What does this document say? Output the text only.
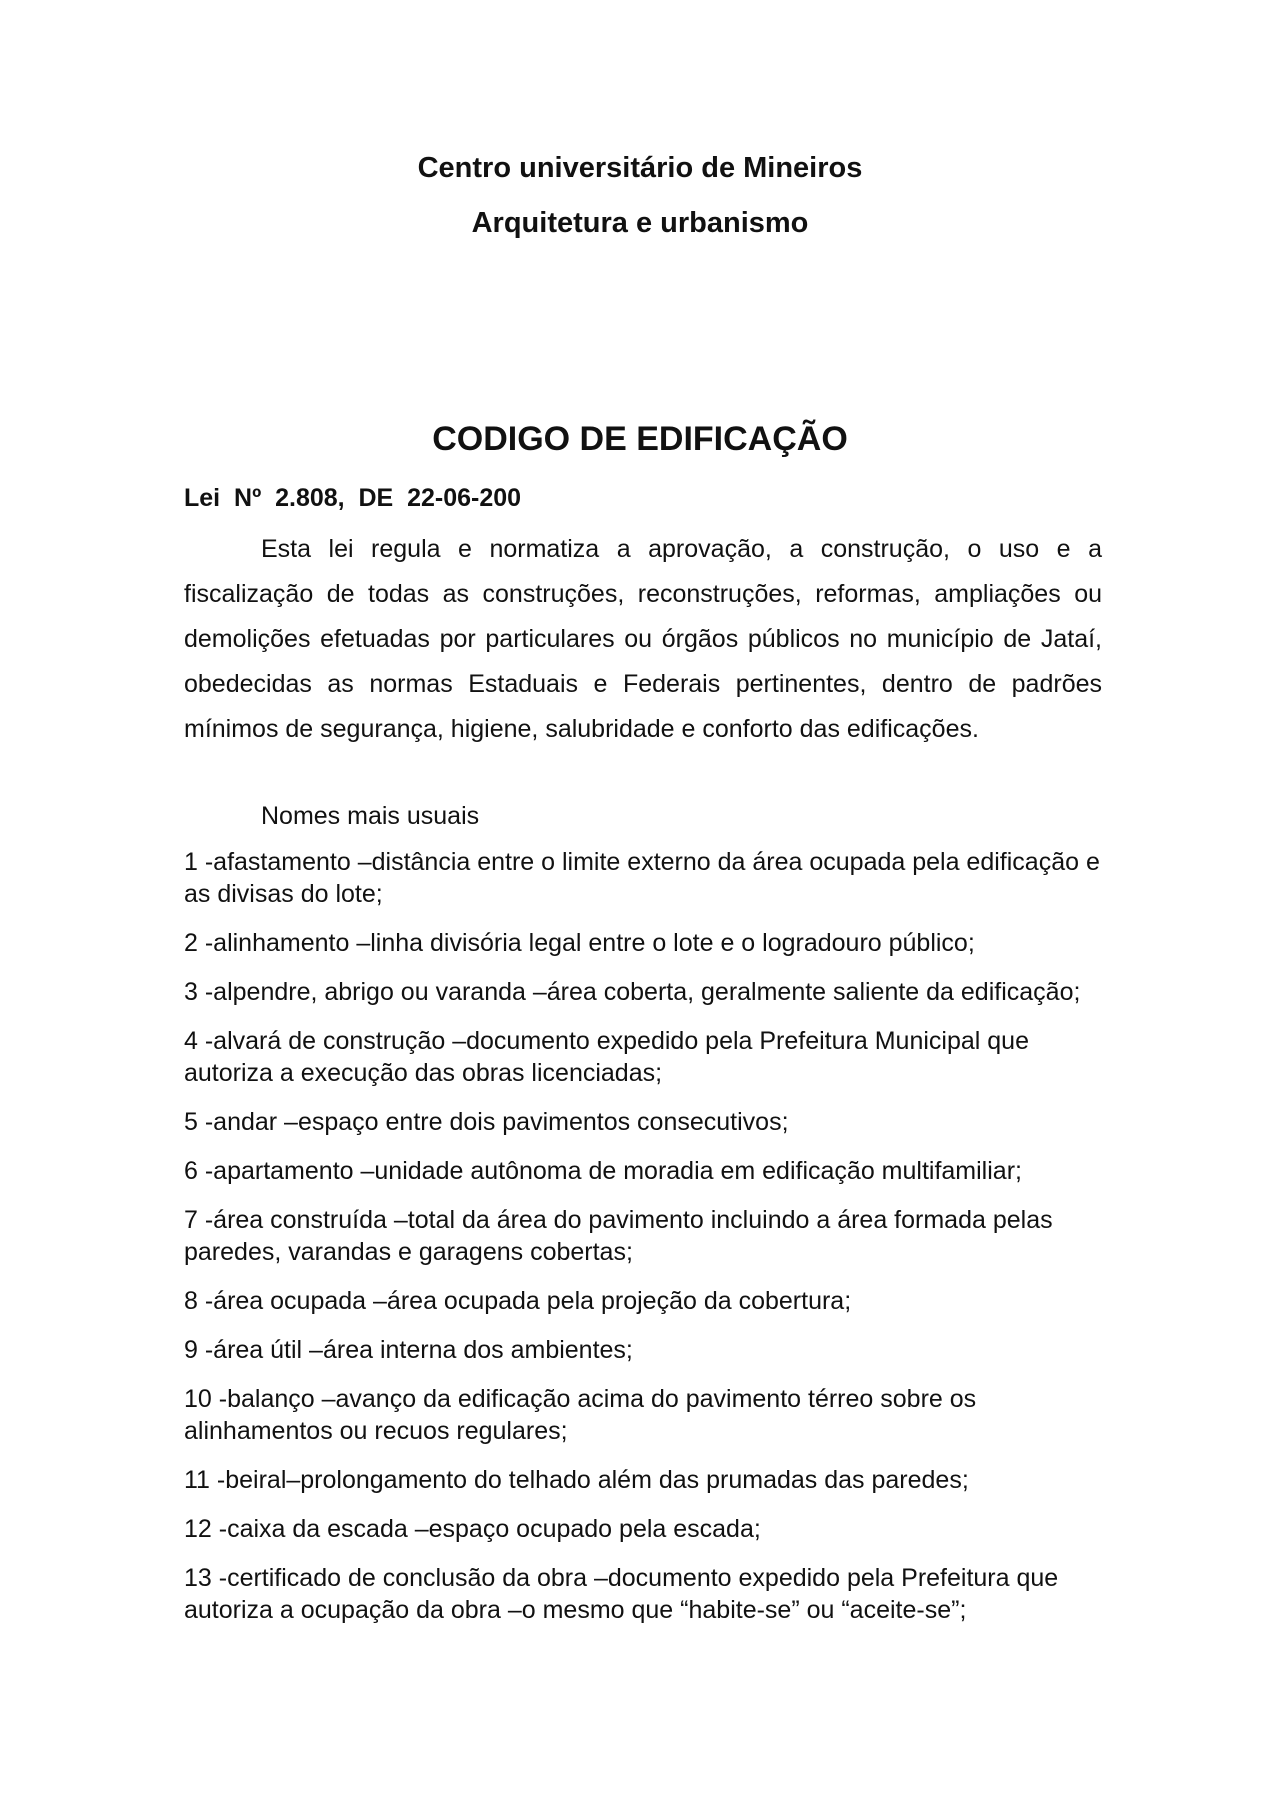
Centro universitário de Mineiros
Arquitetura e urbanismo
CODIGO DE EDIFICAÇÃO
Lei  Nº  2.808,  DE  22-06-200

Esta lei regula e normatiza a aprovação, a construção, o uso e a fiscalização de todas as construções, reconstruções, reformas, ampliações ou demolições efetuadas por particulares ou órgãos públicos no município de Jataí, obedecidas as normas Estaduais e Federais pertinentes, dentro de padrões mínimos de segurança, higiene, salubridade e conforto das edificações.

Nomes mais usuais
1 -afastamento –distância entre o limite externo da área ocupada pela edificação e as divisas do lote;
2 -alinhamento –linha divisória legal entre o lote e o logradouro público;
3 -alpendre, abrigo ou varanda –área coberta, geralmente saliente da edificação;
4 -alvará de construção –documento expedido pela Prefeitura Municipal que autoriza a execução das obras licenciadas;
5 -andar –espaço entre dois pavimentos consecutivos;
6 -apartamento –unidade autônoma de moradia em edificação multifamiliar;
7 -área construída –total da área do pavimento incluindo a área formada pelas paredes, varandas e garagens cobertas;
8 -área ocupada –área ocupada pela projeção da cobertura;
9 -área útil –área interna dos ambientes;
10 -balanço –avanço da edificação acima do pavimento térreo sobre os alinhamentos ou recuos regulares;
11 -beiral–prolongamento do telhado além das prumadas das paredes;
12 -caixa da escada –espaço ocupado pela escada;
13 -certificado de conclusão da obra –documento expedido pela Prefeitura que autoriza a ocupação da obra –o mesmo que “habite-se” ou “aceite-se”;
